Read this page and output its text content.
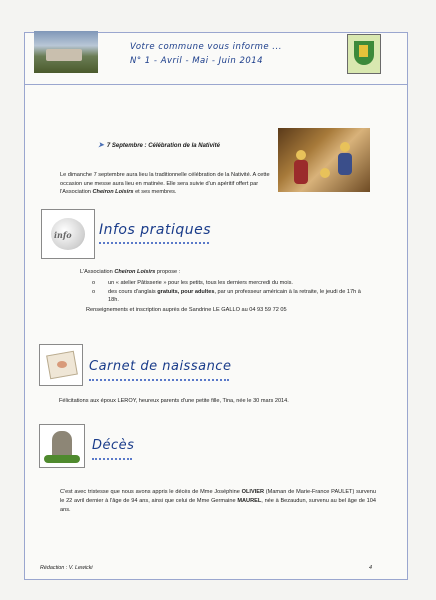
Votre commune vous informe ...
N° 1 - Avril - Mai - Juin 2014
➤ 7 Septembre : Célébration de la Nativité
Le dimanche 7 septembre aura lieu la traditionnelle célébration de la Nativité. A cette occasion une messe aura lieu en matinée. Elle sera suivie d'un apéritif offert par l'Association Cheiron Loisirs et ses membres.
info Infos pratiques
L'Association Cheiron Loisirs propose :
o un « atelier Pâtisserie » pour les petits, tous les derniers mercredi du mois.
o des cours d'anglais gratuits, pour adultes, par un professeur américain à la retraite, le jeudi de 17h à 18h.
Renseignements et inscription auprès de Sandrine LE GALLO au 04 93 59 72 05
Carnet de naissance
Félicitations aux époux LEROY, heureux parents d'une petite fille, Tina, née le 30 mars 2014.
Décès
C'est avec tristesse que nous avons appris le décès de Mme Joséphine OLIVIER (Maman de Marie-France PAULET) survenu le 22 avril dernier à l'âge de 94 ans, ainsi que celui de Mme Germaine MAUREL, née à Bezaudun, survenu au bel âge de 104 ans.
Rédaction : V. Lewicki	4
